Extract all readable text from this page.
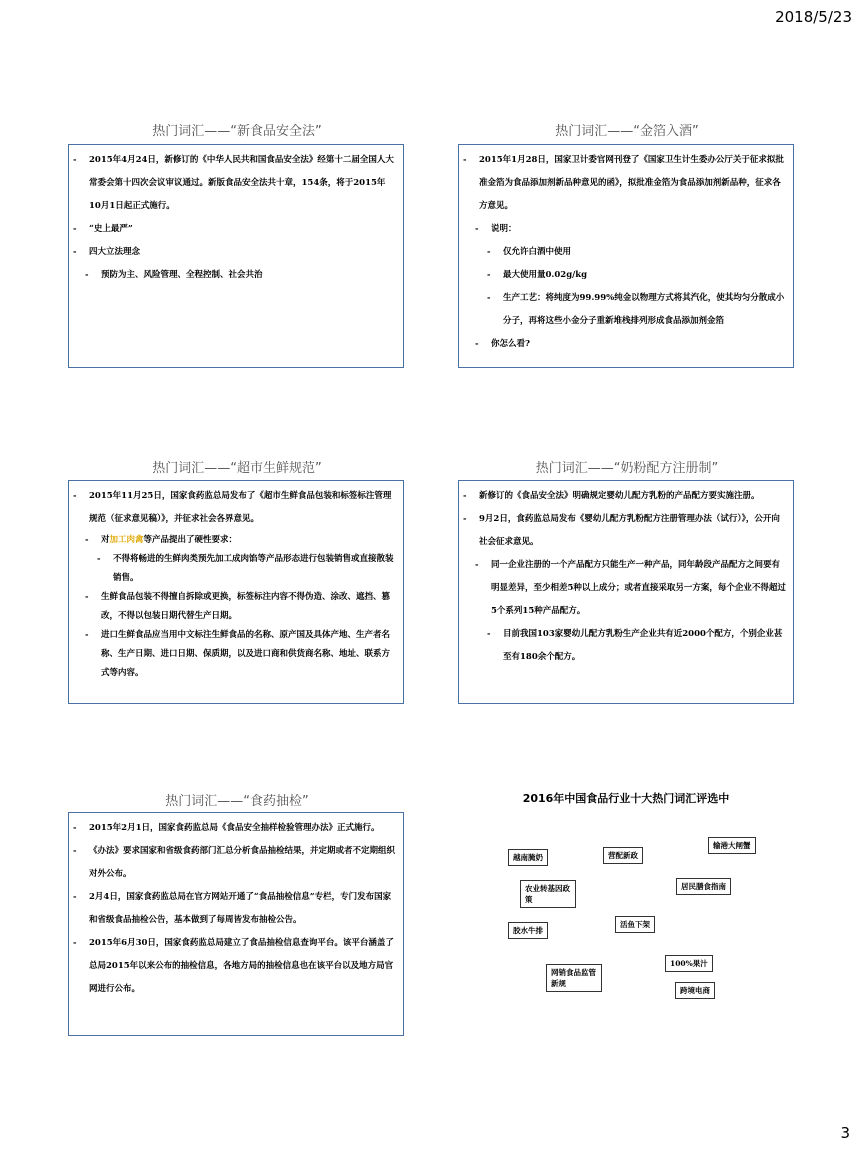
2018/5/23
热门词汇——“新食品安全法”
- 2015年4月24日，新修订的《中华人民共和国食品安全法》经第十二届全国人大常委会第十四次会议审议通过。新版食品安全法共十章，154条，将于2015年10月1日起正式施行。
- “史上最严”
- 四大立法理念
- 预防为主、风险管理、全程控制、社会共治
热门词汇——“金箔入酒”
- 2015年1月28日，国家卫计委官网刊登了《国家卫生计生委办公厅关于征求拟批准金箔为食品添加剂新品种意见的函》，拟批准金箔为食品添加剂新品种，征求各方意见。
- 说明：
- 仅允许白酒中使用
- 最大使用量0.02g/kg
- 生产工艺：将纯度为99.99%纯金以物理方式将其汽化，使其均匀分散成小分子，再将这些小金分子重新堆栈排列形成食品添加剂金箔
- 你怎么看?
热门词汇——“超市生鲜规范”
- 2015年11月25日，国家食药监总局发布了《超市生鲜食品包装和标签标注管理规范（征求意见稿）》，并征求社会各界意见。
- 对加工肉禽等产品提出了硬性要求：
- 不得将畅进的生鲜肉类预先加工成肉馅等产品形态进行包装销售或直接散装销售。
- 生鲜食品包装不得擅自拆除或更换，标签标注内容不得伪造、涂改、遮挡、篡改，不得以包装日期代替生产日期。
- 进口生鲜食品应当用中文标注生鲜食品的名称、原产国及具体产地、生产者名称、生产日期、进口日期、保质期，以及进口商和供货商名称、地址、联系方式等内容。
热门词汇——“奶粉配方注册制”
- 新修订的《食品安全法》明确规定婴幼儿配方乳粉的产品配方要实施注册。
- 9月2日，食药监总局发布《婴幼儿配方乳粉配方注册管理办法（试行）》，公开向社会征求意见。
- 同一企业注册的一个产品配方只能生产一种产品，同年龄段产品配方之间要有明显差异，至少相差5种以上成分；或者直接采取另一方案，每个企业不得超过5个系列15种产品配方。
- 目前我国103家婴幼儿配方乳粉生产企业共有近2000个配方，个别企业甚至有180余个配方。
热门词汇——“食药抽检”
- 2015年2月1日，国家食药监总局《食品安全抽样检验管理办法》正式施行。
- 《办法》要求国家和省级食药部门汇总分析食品抽检结果，并定期或者不定期组织对外公布。
- 2月4日，国家食药监总局在官方网站开通了“食品抽检信息”专栏，专门发布国家和省级食品抽检公告，基本做到了每周皆发布抽检公告。
- 2015年6月30日，国家食药监总局建立了食品抽检信息查询平台。该平台涵盖了总局2015年以来公布的抽检信息，各地方局的抽检信息也在该平台以及地方局官网进行公布。
2016年中国食品行业十大热门词汇评选中
越南腌奶	营配新政
输港大闸蟹
农业转基因政策
居民膳食指南
活鱼下架
胶水牛排
100%果汁
网销食品监管新规
跨境电商
3
